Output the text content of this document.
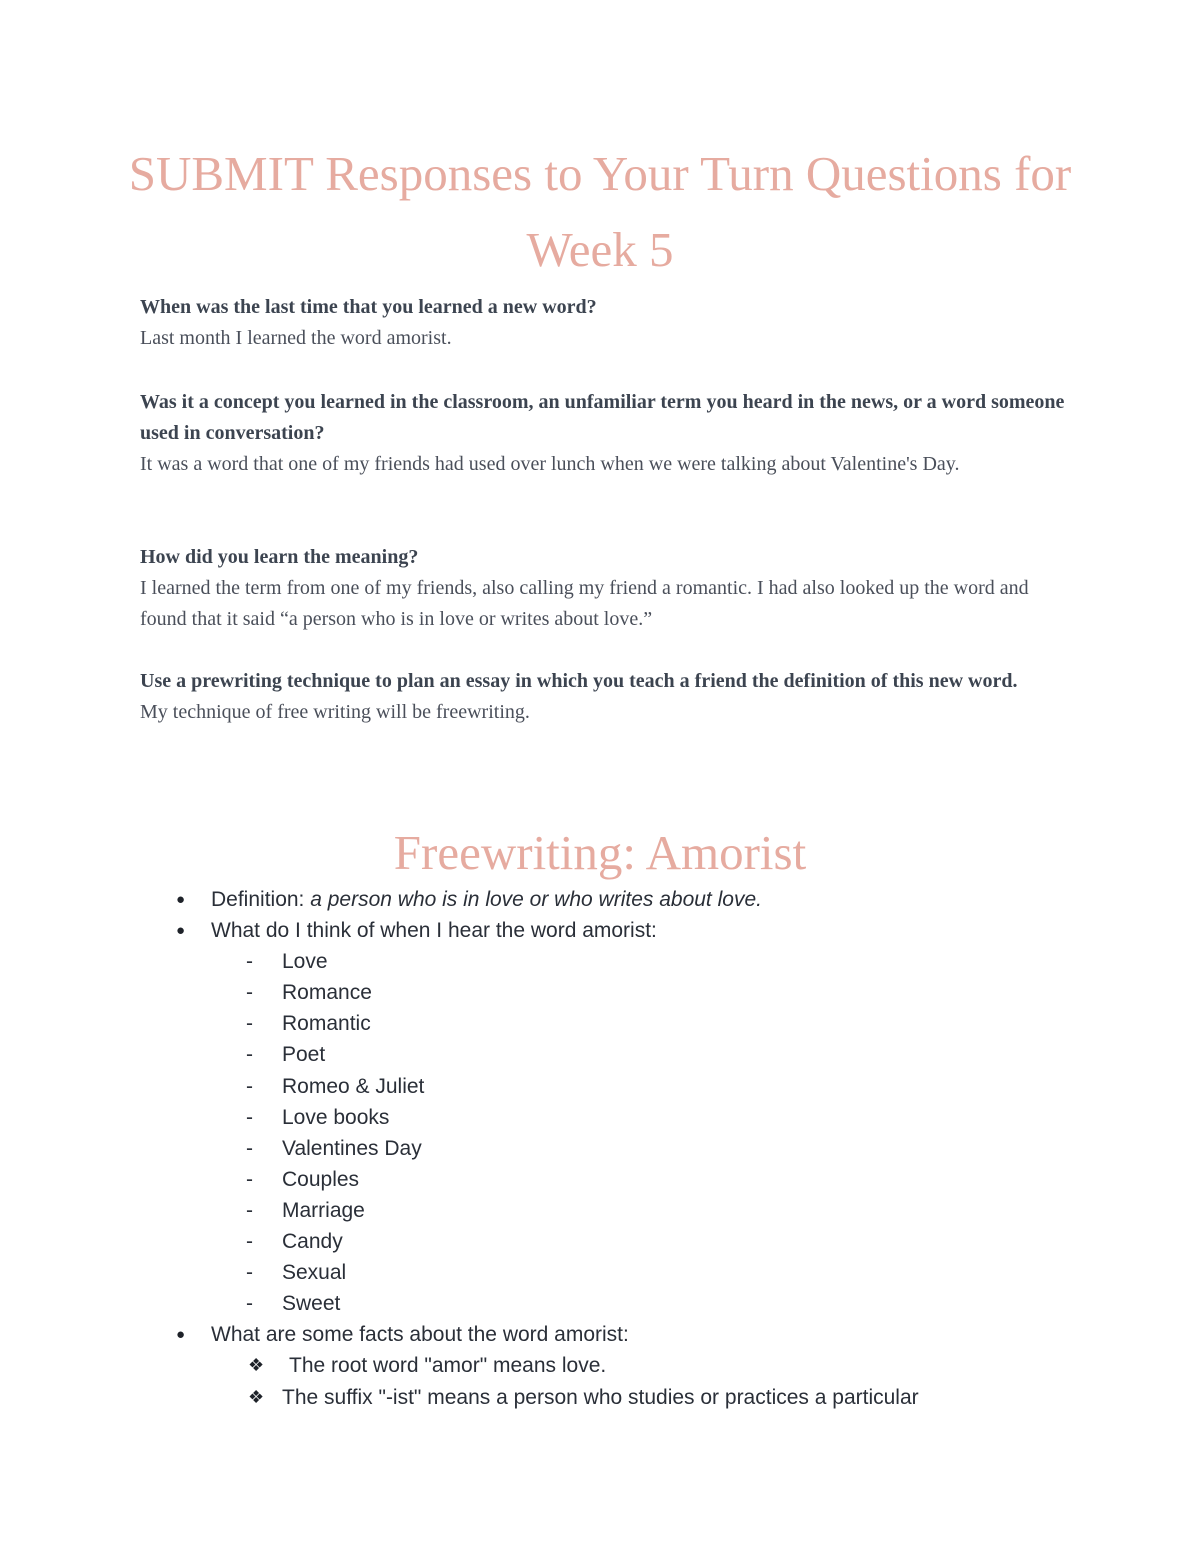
SUBMIT Responses to Your Turn Questions for Week 5
When was the last time that you learned a new word?
Last month I learned the word amorist.
Was it a concept you learned in the classroom, an unfamiliar term you heard in the news, or a word someone used in conversation?
It was a word that one of my friends had used over lunch when we were talking about Valentine's Day.
How did you learn the meaning?
I learned the term from one of my friends, also calling my friend a romantic. I had also looked up the word and found that it said “a person who is in love or writes about love.”
Use a prewriting technique to plan an essay in which you teach a friend the definition of this new word.
My technique of free writing will be freewriting.
Freewriting: Amorist
● Definition: a person who is in love or who writes about love.
● What do I think of when I hear the word amorist:
- Love
- Romance
- Romantic
- Poet
- Romeo & Juliet
- Love books
- Valentines Day
- Couples
- Marriage
- Candy
- Sexual
- Sweet
● What are some facts about the word amorist:
❖ The root word "amor" means love.
❖ The suffix "-ist" means a person who studies or practices a particular
